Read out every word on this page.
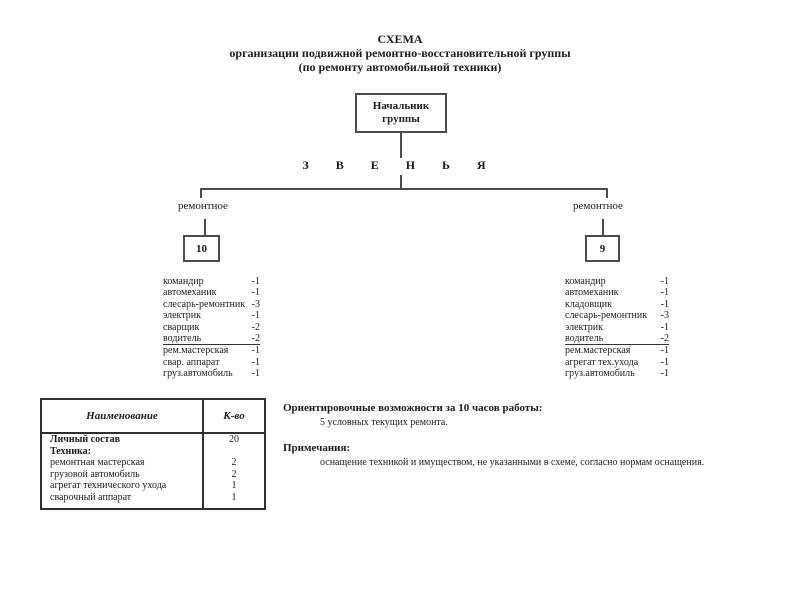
СХЕМА
организации подвижной ремонтно-восстановительной группы
(по ремонту автомобильной техники)
Начальник группы
З В Е Н Ь Я
ремонтное	ремонтное
10	9
командир	-1
автомеханик	-1
слесарь-ремонтник -3
электрик	-1
сварщик	-2
водитель	-2
рем.мастерская -1
свар. аппарат	-1
груз.автомобиль -1
командир	-1
автомеханик	-1
кладовщик	-1
слесарь-ремонтник -3
электрик	-1
водитель	-2
рем.мастерская	-1
агрегат тех.ухода -1
груз.автомобиль	-1
Наименование	К-во
Личный состав	20
Техника:	
ремонтная мастерская	2
грузовой автомобиль	2
агрегат технического ухода	1
сварочный аппарат	1
Ориентировочные возможности за 10 часов работы:
5 условных текущих ремонта.
Примечания:
оснащение техникой и имуществом, не указанными в схеме, согласно нормам оснащения.
